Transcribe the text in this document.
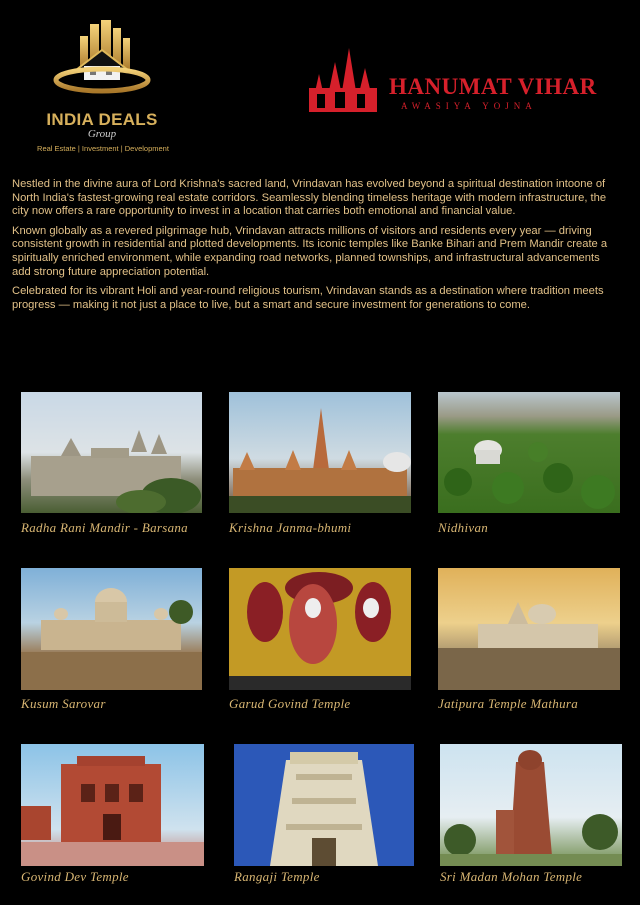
INDIA DEALS
Group
Real Estate | Investment | Development
HANUMAT VIHAR
AWASIYA YOJNA

Nestled in the divine aura of Lord Krishna's sacred land, Vrindavan has evolved beyond a spiritual destination intoone of North India's fastest-growing real estate corridors. Seamlessly blending timeless heritage with modern infrastructure, the city now offers a rare opportunity to invest in a location that carries both emotional and financial value.

Known globally as a revered pilgrimage hub, Vrindavan attracts millions of visitors and residents every year — driving consistent growth in residential and plotted developments. Its iconic temples like Banke Bihari and Prem Mandir create a spiritually enriched environment, while expanding road networks, planned townships, and infrastructural advancements add strong future appreciation potential.

Celebrated for its vibrant Holi and year-round religious tourism, Vrindavan stands as a destination where tradition meets progress — making it not just a place to live, but a smart and secure investment for generations to come.

Radha Rani Mandir - Barsana	Krishna Janma-bhumi	Nidhivan
Kusum Sarovar	Garud Govind Temple	Jatipura Temple Mathura
Govind Dev Temple	Rangaji Temple	Sri Madan Mohan Temple
